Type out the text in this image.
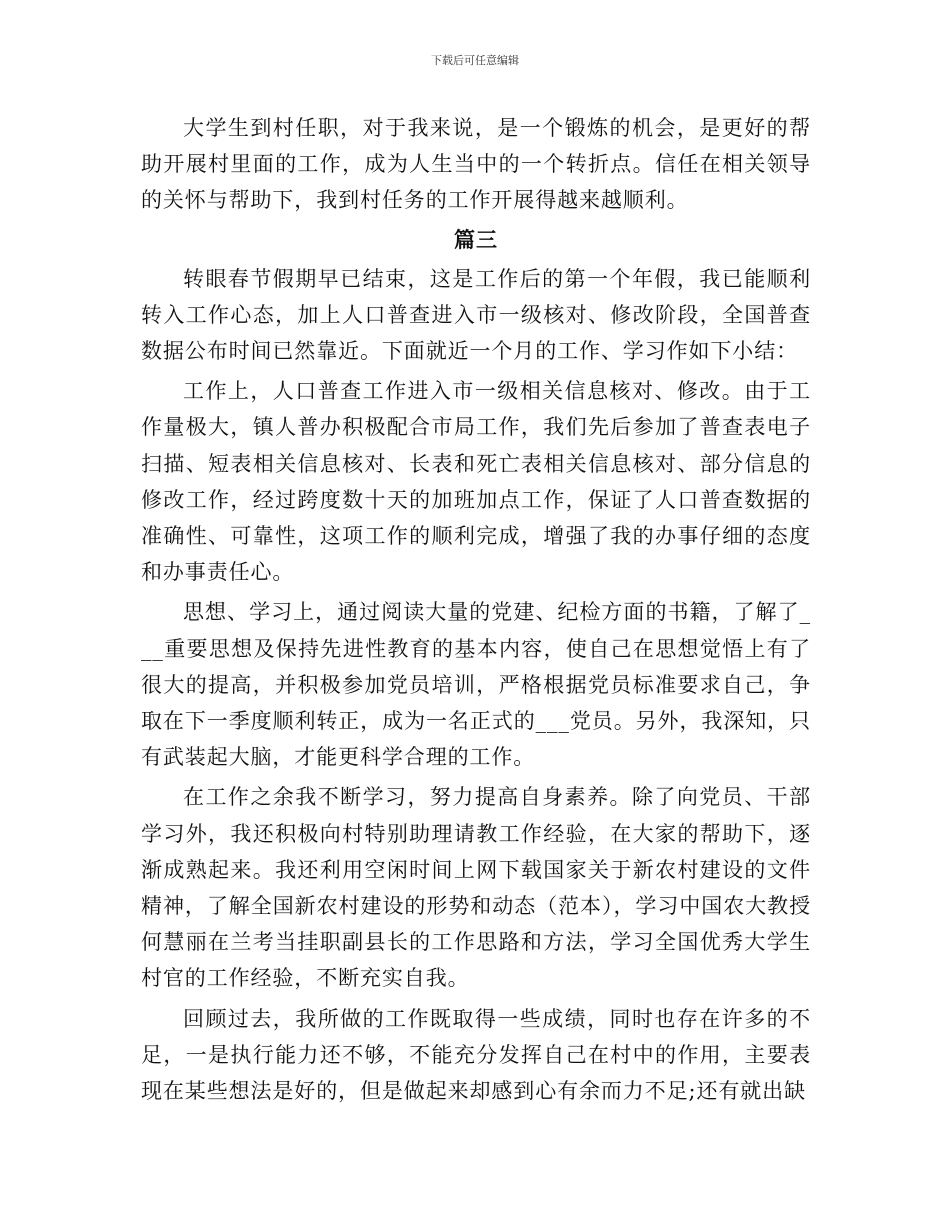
下载后可任意编辑

大学生到村任职，对于我来说，是一个锻炼的机会，是更好的帮助开展村里面的工作，成为人生当中的一个转折点。信任在相关领导的关怀与帮助下，我到村任务的工作开展得越来越顺利。

篇三

转眼春节假期早已结束，这是工作后的第一个年假，我已能顺利转入工作心态，加上人口普查进入市一级核对、修改阶段，全国普查数据公布时间已然靠近。下面就近一个月的工作、学习作如下小结：

工作上，人口普查工作进入市一级相关信息核对、修改。由于工作量极大，镇人普办积极配合市局工作，我们先后参加了普查表电子扫描、短表相关信息核对、长表和死亡表相关信息核对、部分信息的修改工作，经过跨度数十天的加班加点工作，保证了人口普查数据的准确性、可靠性，这项工作的顺利完成，增强了我的办事仔细的态度和办事责任心。

思想、学习上，通过阅读大量的党建、纪检方面的书籍，了解了___重要思想及保持先进性教育的基本内容，使自己在思想觉悟上有了很大的提高，并积极参加党员培训，严格根据党员标准要求自己，争取在下一季度顺利转正，成为一名正式的___党员。另外，我深知，只有武装起大脑，才能更科学合理的工作。

在工作之余我不断学习，努力提高自身素养。除了向党员、干部学习外，我还积极向村特别助理请教工作经验，在大家的帮助下，逐渐成熟起来。我还利用空闲时间上网下载国家关于新农村建设的文件精神，了解全国新农村建设的形势和动态（范本），学习中国农大教授何慧丽在兰考当挂职副县长的工作思路和方法，学习全国优秀大学生村官的工作经验，不断充实自我。

回顾过去，我所做的工作既取得一些成绩，同时也存在许多的不足，一是执行能力还不够，不能充分发挥自己在村中的作用，主要表现在某些想法是好的，但是做起来却感到心有余而力不足;还有就出缺
